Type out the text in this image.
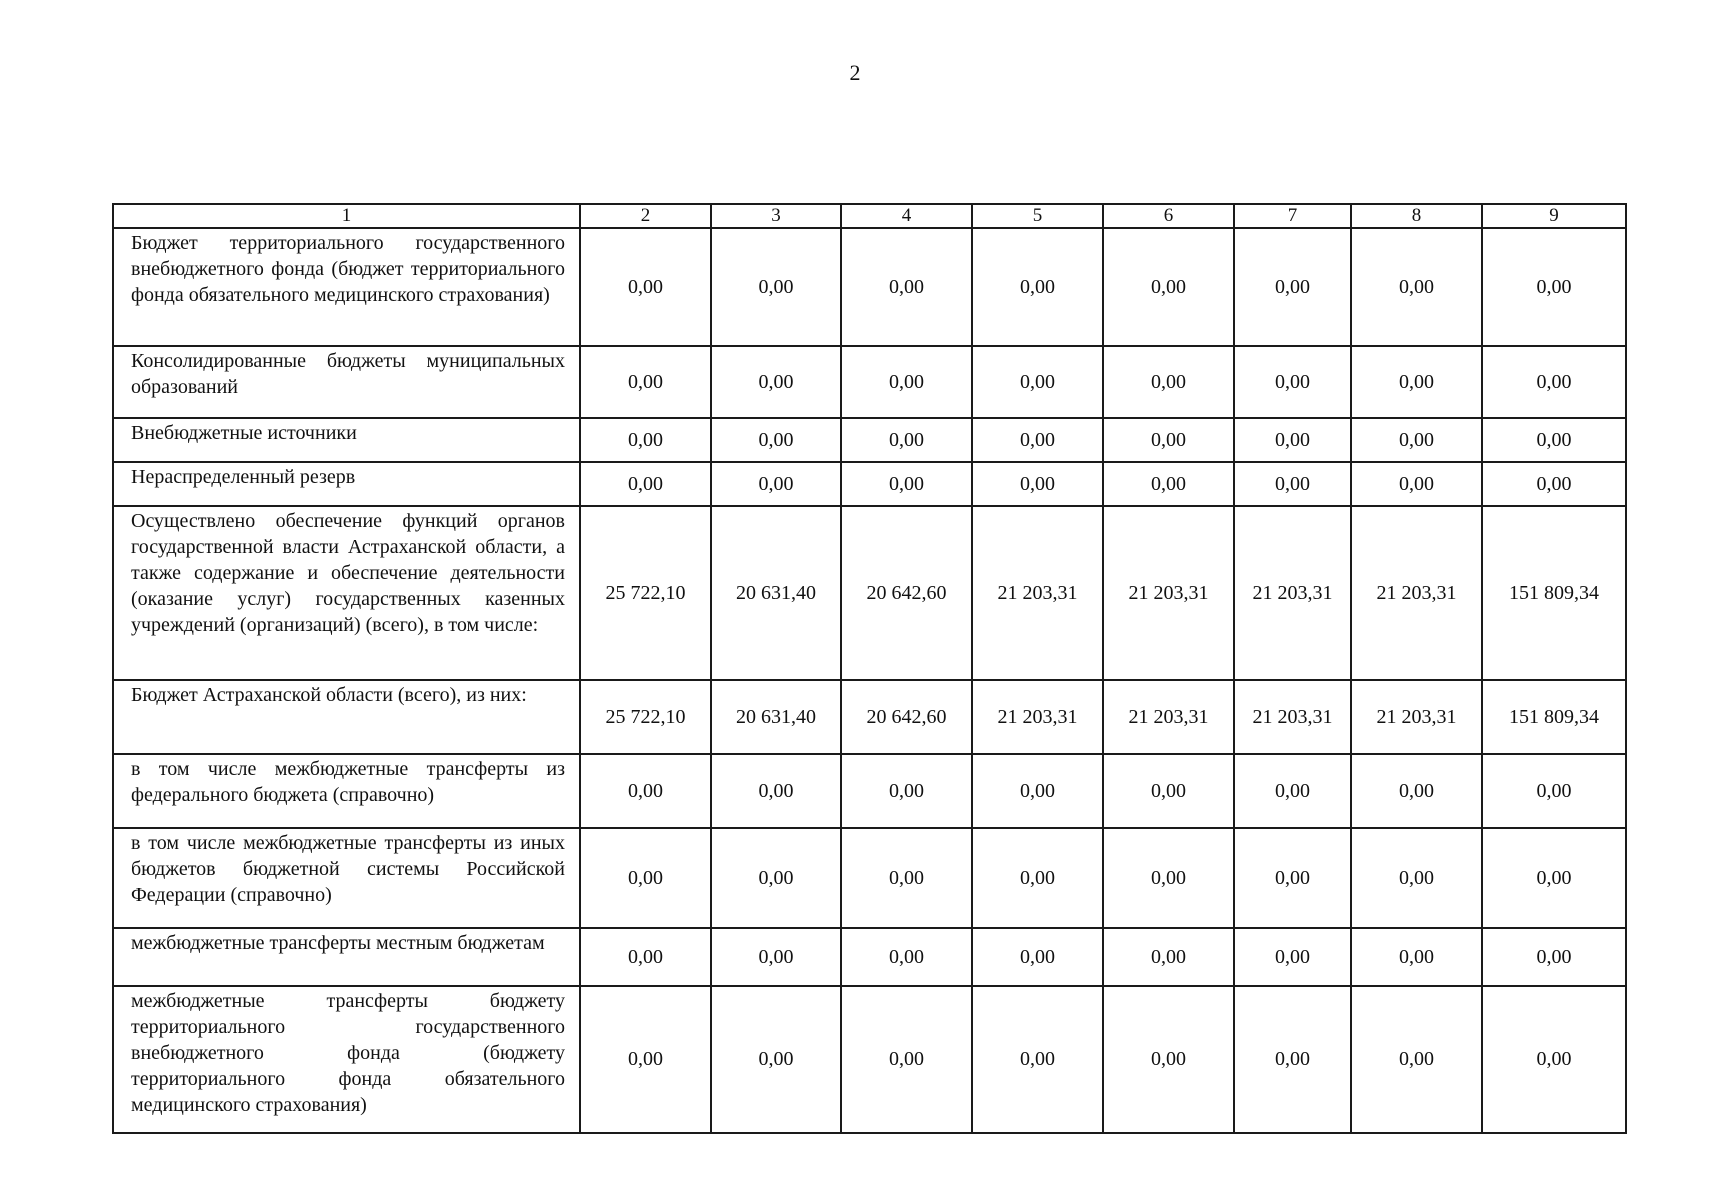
2
1	2	3	4	5	6	7	8	9
Бюджет территориального государственного внебюджетного фонда (бюджет территориального фонда обязательного медицинского страхования)	0,00	0,00	0,00	0,00	0,00	0,00	0,00	0,00
Консолидированные бюджеты муниципальных образований	0,00	0,00	0,00	0,00	0,00	0,00	0,00	0,00
Внебюджетные источники	0,00	0,00	0,00	0,00	0,00	0,00	0,00	0,00
Нераспределенный резерв	0,00	0,00	0,00	0,00	0,00	0,00	0,00	0,00
Осуществлено обеспечение функций органов государственной власти Астраханской области, а также содержание и обеспечение деятельности (оказание услуг) государственных казенных учреждений (организаций) (всего), в том числе:	25 722,10	20 631,40	20 642,60	21 203,31	21 203,31	21 203,31	21 203,31	151 809,34
Бюджет Астраханской области (всего), из них:	25 722,10	20 631,40	20 642,60	21 203,31	21 203,31	21 203,31	21 203,31	151 809,34
в том числе межбюджетные трансферты из федерального бюджета (справочно)	0,00	0,00	0,00	0,00	0,00	0,00	0,00	0,00
в том числе межбюджетные трансферты из иных бюджетов бюджетной системы Российской Федерации (справочно)	0,00	0,00	0,00	0,00	0,00	0,00	0,00	0,00
межбюджетные трансферты местным бюджетам	0,00	0,00	0,00	0,00	0,00	0,00	0,00	0,00
межбюджетные трансферты бюджету территориального государственного внебюджетного фонда (бюджету территориального фонда обязательного медицинского страхования)	0,00	0,00	0,00	0,00	0,00	0,00	0,00	0,00
